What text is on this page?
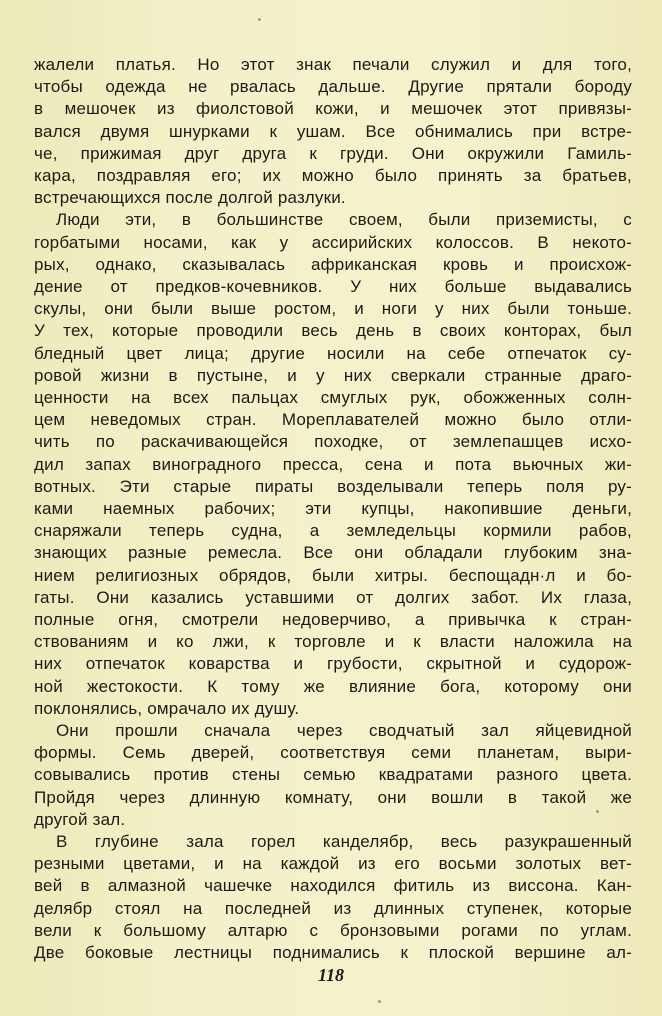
жалели платья. Но этот знак печали служил и для того,
чтобы одежда не рвалась дальше. Другие прятали бороду
в мешочек из фиолстовой кожи, и мешочек этот привязы-
вался двумя шнурками к ушам. Все обнимались при встре-
че, прижимая друг друга к груди. Они окружили Гамиль-
кара, поздравляя его; их можно было принять за братьев,
встречающихся после долгой разлуки.
Люди эти, в большинстве своем, были приземисты, с
горбатыми носами, как у ассирийских колоссов. В некото-
рых, однако, сказывалась африканская кровь и происхож-
дение от предков-кочевников. У них больше выдавались
скулы, они были выше ростом, и ноги у них были тоньше.
У тех, которые проводили весь день в своих конторах, был
бледный цвет лица; другие носили на себе отпечаток су-
ровой жизни в пустыне, и у них сверкали странные драго-
ценности на всех пальцах смуглых рук, обожженных солн-
цем неведомых стран. Мореплавателей можно было отли-
чить по раскачивающейся походке, от землепашцев исхо-
дил запах виноградного пресса, сена и пота вьючных жи-
вотных. Эти старые пираты возделывали теперь поля ру-
ками наемных рабочих; эти купцы, накопившие деньги,
снаряжали теперь судна, а земледельцы кормили рабов,
знающих разные ремесла. Все они обладали глубоким зна-
нием религиозных обрядов, были хитры. беспощадн·л и бо-
гаты. Они казались уставшими от долгих забот. Их глаза,
полные огня, смотрели недоверчиво, а привычка к стран-
ствованиям и ко лжи, к торговле и к власти наложила на
них отпечаток коварства и грубости, скрытной и судорож-
ной жестокости. К тому же влияние бога, которому они
поклонялись, омрачало их душу.
Они прошли сначала через сводчатый зал яйцевидной
формы. Семь дверей, соответствуя семи планетам, выри-
совывались против стены семью квадратами разного цвета.
Пройдя через длинную комнату, они вошли в такой же
другой зал.
В глубине зала горел канделябр, весь разукрашенный
резными цветами, и на каждой из его восьми золотых вет-
вей в алмазной чашечке находился фитиль из виссона. Кан-
делябр стоял на последней из длинных ступенек, которые
вели к большому алтарю с бронзовыми рогами по углам.
Две боковые лестницы поднимались к плоской вершине ал-
118
